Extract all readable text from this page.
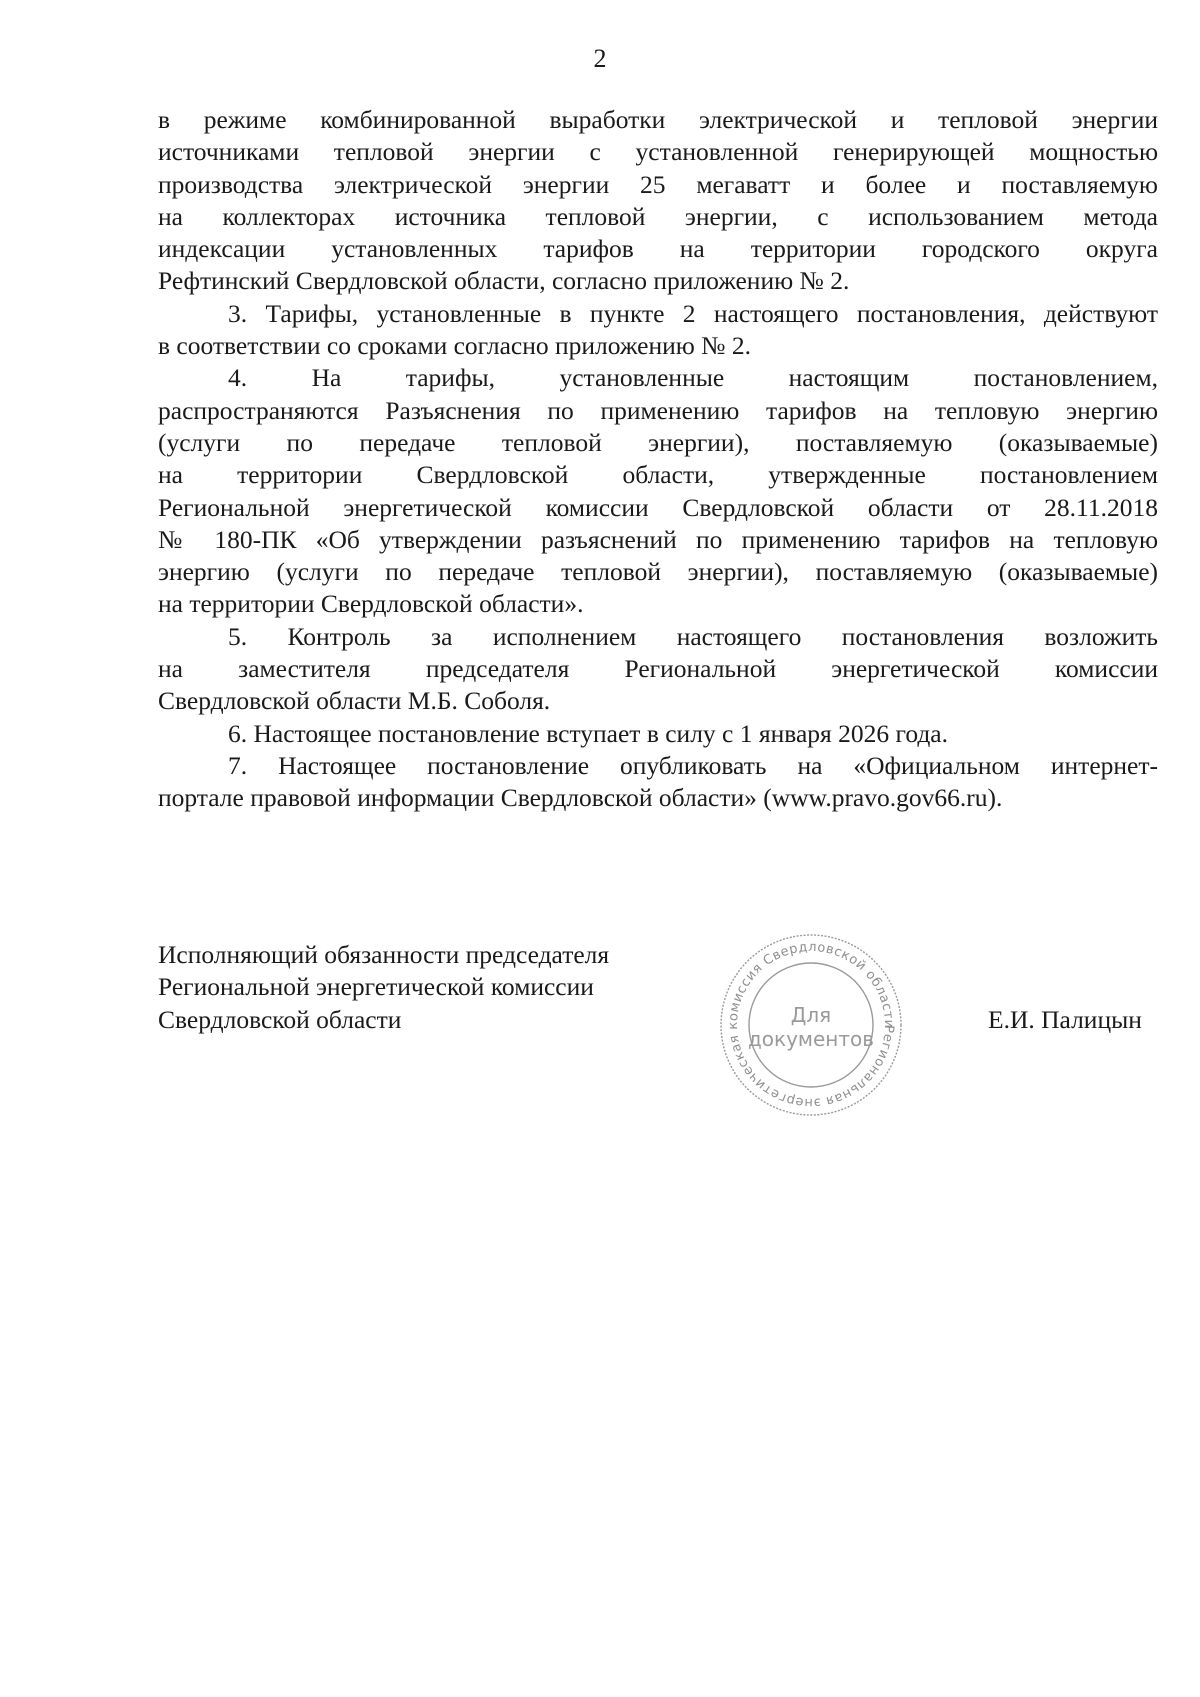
2

в режиме комбинированной выработки электрической и тепловой энергии

источниками тепловой энергии с установленной генерирующей мощностью

производства электрической энергии 25 мегаватт и более и поставляемую

на коллекторах источника тепловой энергии, с использованием метода

индексации установленных тарифов на территории городского округа

Рефтинский Свердловской области, согласно приложению № 2.

3. Тарифы, установленные в пункте 2 настоящего постановления, действуют

в соответствии со сроками согласно приложению № 2.

4. На тарифы, установленные настоящим постановлением,

распространяются Разъяснения по применению тарифов на тепловую энергию

(услуги по передаче тепловой энергии), поставляемую (оказываемые)

на территории Свердловской области, утвержденные постановлением

Региональной энергетической комиссии Свердловской области от 28.11.2018

№ 180-ПК «Об утверждении разъяснений по применению тарифов на тепловую

энергию (услуги по передаче тепловой энергии), поставляемую (оказываемые)

на территории Свердловской области».

5. Контроль за исполнением настоящего постановления возложить

на заместителя председателя Региональной энергетической комиссии

Свердловской области М.Б. Соболя.

6. Настоящее постановление вступает в силу с 1 января 2026 года.

7. Настоящее постановление опубликовать на «Официальном интернет-

портале правовой информации Свердловской области» (www.pravo.gov66.ru).

Исполняющий обязанности председателя
Региональной энергетической комиссии
Свердловской области	Региональная энергетическая комиссия Свердловской области
Для
документов
Е.И. Палицын
